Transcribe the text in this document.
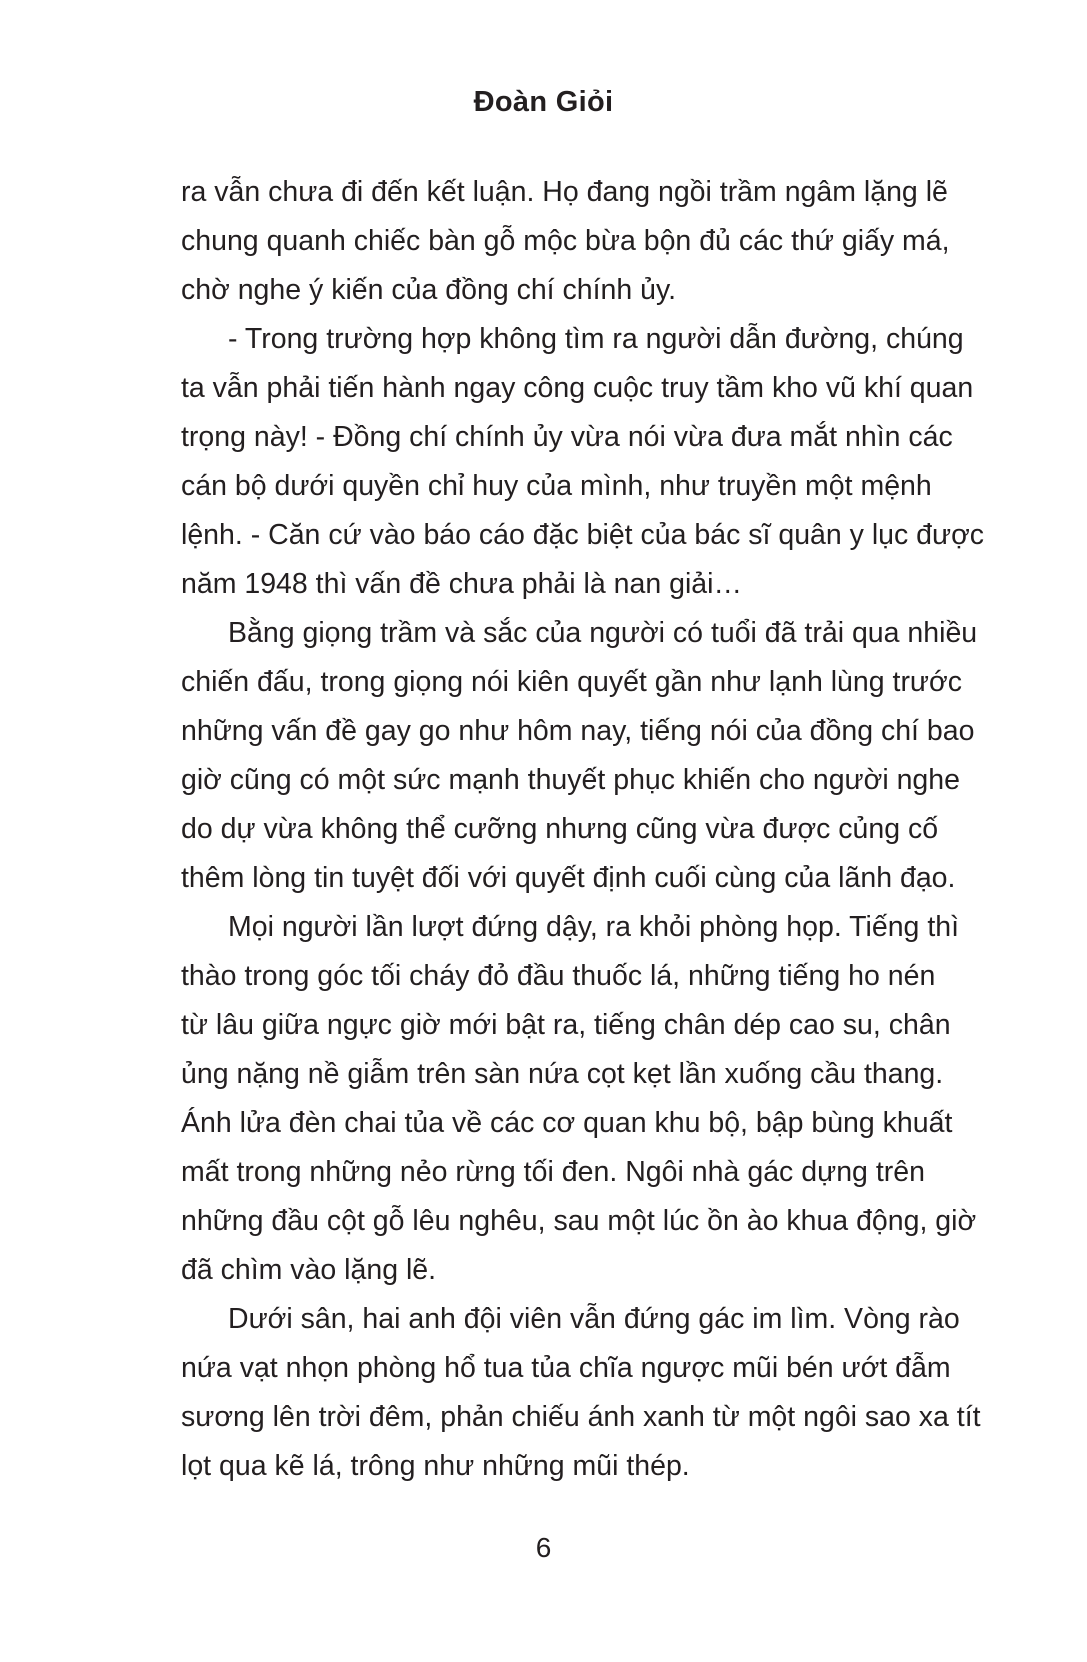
Đoàn Giỏi
ra vẫn chưa đi đến kết luận. Họ đang ngồi trầm ngâm lặng lẽ
chung quanh chiếc bàn gỗ mộc bừa bộn đủ các thứ giấy má,
chờ nghe ý kiến của đồng chí chính ủy.
- Trong trường hợp không tìm ra người dẫn đường, chúng
ta vẫn phải tiến hành ngay công cuộc truy tầm kho vũ khí quan
trọng này! - Đồng chí chính ủy vừa nói vừa đưa mắt nhìn các
cán bộ dưới quyền chỉ huy của mình, như truyền một mệnh
lệnh. - Căn cứ vào báo cáo đặc biệt của bác sĩ quân y lục được
năm 1948 thì vấn đề chưa phải là nan giải…
Bằng giọng trầm và sắc của người có tuổi đã trải qua nhiều
chiến đấu, trong giọng nói kiên quyết gần như lạnh lùng trước
những vấn đề gay go như hôm nay, tiếng nói của đồng chí bao
giờ cũng có một sức mạnh thuyết phục khiến cho người nghe
do dự vừa không thể cưỡng nhưng cũng vừa được củng cố
thêm lòng tin tuyệt đối với quyết định cuối cùng của lãnh đạo.
Mọi người lần lượt đứng dậy, ra khỏi phòng họp. Tiếng thì
thào trong góc tối cháy đỏ đầu thuốc lá, những tiếng ho nén
từ lâu giữa ngực giờ mới bật ra, tiếng chân dép cao su, chân
ủng nặng nề giẫm trên sàn nứa cọt kẹt lần xuống cầu thang.
Ánh lửa đèn chai tủa về các cơ quan khu bộ, bập bùng khuất
mất trong những nẻo rừng tối đen. Ngôi nhà gác dựng trên
những đầu cột gỗ lêu nghêu, sau một lúc ồn ào khua động, giờ
đã chìm vào lặng lẽ.
Dưới sân, hai anh đội viên vẫn đứng gác im lìm. Vòng rào
nứa vạt nhọn phòng hổ tua tủa chĩa ngược mũi bén ướt đẫm
sương lên trời đêm, phản chiếu ánh xanh từ một ngôi sao xa tít
lọt qua kẽ lá, trông như những mũi thép.
6
